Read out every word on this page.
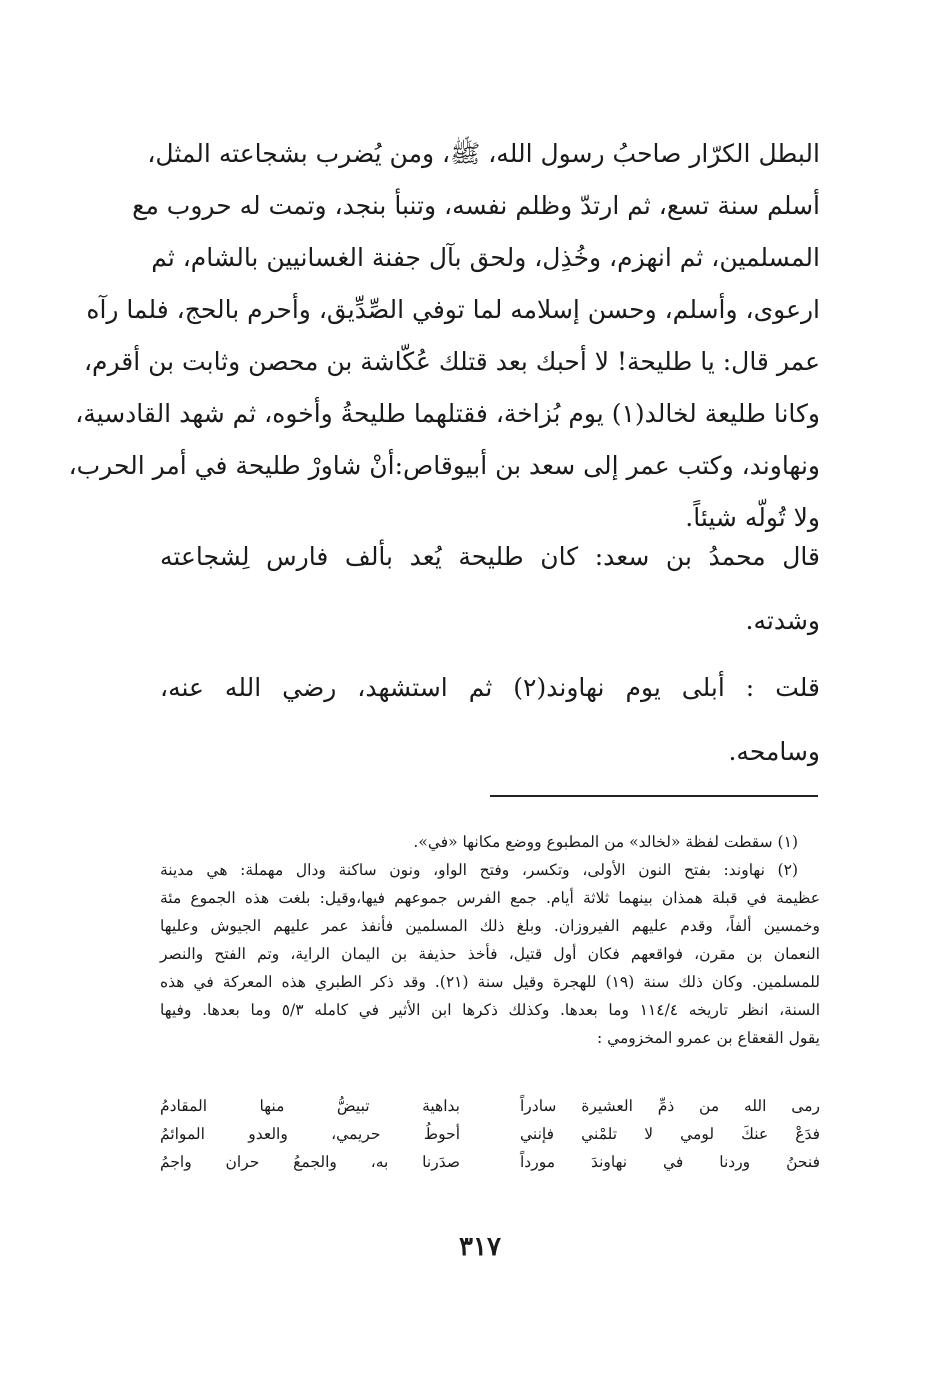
البطل الكرّار صاحبُ رسول الله، ﷺ، ومن يُضرب بشجاعته المثل،
أسلم سنة تسع، ثم ارتدّ وظلم نفسه، وتنبأ بنجد، وتمت له حروب مع
المسلمين، ثم انهزم، وخُذِل، ولحق بآل جفنة الغسانيين بالشام، ثم
ارعوى، وأسلم، وحسن إسلامه لما توفي الصِّدِّيق، وأحرم بالحج، فلما رآه
عمر قال: يا طليحة! لا أحبك بعد قتلك عُكّاشة بن محصن وثابت بن أقرم،
وكانا طليعة لخالد(١) يوم بُزاخة، فقتلهما طليحةُ وأخوه، ثم شهد القادسية،
ونهاوند، وكتب عمر إلى سعد بن أبيوقاص:أنْ شاورْ طليحة في أمر الحرب،
ولا تُولّه شيئاً.
قال محمدُ بن سعد: كان طليحة يُعد بألف فارس لِشجاعته
وشدته.
قلت : أبلى يوم نهاوند(٢) ثم استشهد، رضي الله عنه،
وسامحه.
(١) سقطت لفظة «لخالد» من المطبوع ووضع مكانها «في».
(٢) نهاوند: بفتح النون الأولى، وتكسر، وفتح الواو، ونون ساكنة ودال مهملة: هي مدينة
عظيمة في قبلة همذان بينهما ثلاثة أيام. جمع الفرس جموعهم فيها،وقيل: بلغت هذه الجموع مئة
وخمسين ألفاً، وقدم عليهم الفيروزان. وبلغ ذلك المسلمين فأنفذ عمر عليهم الجيوش وعليها
النعمان بن مقرن، فواقعهم فكان أول قتيل، فأخذ حذيفة بن اليمان الراية، وتم الفتح والنصر
للمسلمين. وكان ذلك سنة (١٩) للهجرة وقيل سنة (٢١). وقد ذكر الطبري هذه المعركة في هذه
السنة، انظر تاريخه ١١٤/٤ وما بعدها. وكذلك ذكرها ابن الأثير في كامله ٥/٣ وما بعدها. وفيها
يقول القعقاع بن عمرو المخزومي :
رمى الله من ذمِّ العشيرة سادراً
بداهية تبيضُّ منها المقادمُ
فدَعْ عنكَ لومي لا تلمْني فإنني
أحوطُ حريمي، والعدو الموائمُ
فنحنُ وردنا في نهاوندَ مورداً
صدَرنا به، والجمعُ حران واجمُ
٣١٧
